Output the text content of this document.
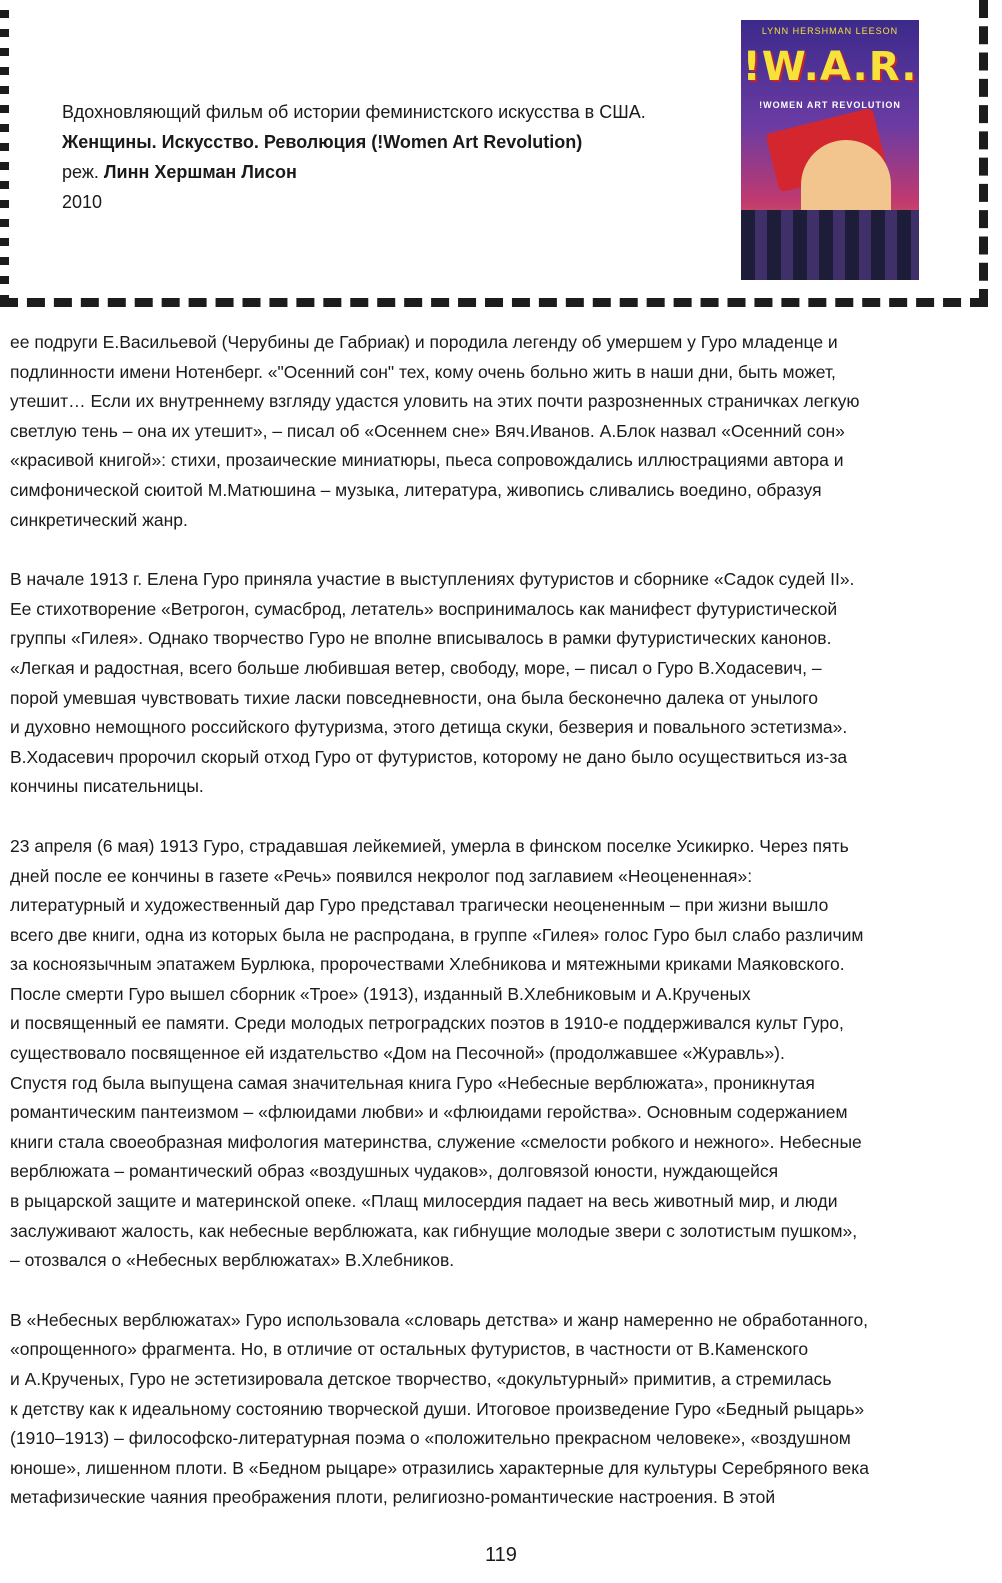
Вдохновляющий фильм об истории феминистского искусства в США.
Женщины. Искусство. Революция (!Women Art Revolution)
реж. Линн Хершман Лисон
2010
LYNN HERSHMAN LEESON
!W.A.R.
!WOMEN ART REVOLUTION
ее подруги Е.Васильевой (Черубины де Габриак) и породила легенду об умершем у Гуро младенце и
подлинности имени Нотенберг. «"Осенний сон" тех, кому очень больно жить в наши дни, быть может,
утешит… Если их внутреннему взгляду удастся уловить на этих почти разрозненных страничках легкую
светлую тень – она их утешит», – писал об «Осеннем сне» Вяч.Иванов. А.Блок назвал «Осенний сон»
«красивой книгой»: стихи, прозаические миниатюры, пьеса сопровождались иллюстрациями автора и
симфонической сюитой М.Матюшина – музыка, литература, живопись сливались воедино, образуя
синкретический жанр.
В начале 1913 г. Елена Гуро приняла участие в выступлениях футуристов и сборнике «Садок судей II».
Ее стихотворение «Ветрогон, сумасброд, летатель» воспринималось как манифест футуристической
группы «Гилея». Однако творчество Гуро не вполне вписывалось в рамки футуристических канонов.
«Легкая и радостная, всего больше любившая ветер, свободу, море, – писал о Гуро В.Ходасевич, –
порой умевшая чувствовать тихие ласки повседневности, она была бесконечно далека от унылого
и духовно немощного российского футуризма, этого детища скуки, безверия и повального эстетизма».
В.Ходасевич пророчил скорый отход Гуро от футуристов, которому не дано было осуществиться из-за
кончины писательницы.
23 апреля (6 мая) 1913 Гуро, страдавшая лейкемией, умерла в финском поселке Усикирко. Через пять
дней после ее кончины в газете «Речь» появился некролог под заглавием «Неоцененная»:
литературный и художественный дар Гуро представал трагически неоцененным – при жизни вышло
всего две книги, одна из которых была не распродана, в группе «Гилея» голос Гуро был слабо различим
за косноязычным эпатажем Бурлюка, пророчествами Хлебникова и мятежными криками Маяковского.
После смерти Гуро вышел сборник «Трое» (1913), изданный В.Хлебниковым и А.Крученых
и посвященный ее памяти. Среди молодых петроградских поэтов в 1910-е поддерживался культ Гуро,
существовало посвященное ей издательство «Дом на Песочной» (продолжавшее «Журавль»).
Спустя год была выпущена самая значительная книга Гуро «Небесные верблюжата», проникнутая
романтическим пантеизмом – «флюидами любви» и «флюидами геройства». Основным содержанием
книги стала своеобразная мифология материнства, служение «смелости робкого и нежного». Небесные
верблюжата – романтический образ «воздушных чудаков», долговязой юности, нуждающейся
в рыцарской защите и материнской опеке. «Плащ милосердия падает на весь животный мир, и люди
заслуживают жалость, как небесные верблюжата, как гибнущие молодые звери с золотистым пушком»,
– отозвался о «Небесных верблюжатах» В.Хлебников.
В «Небесных верблюжатах» Гуро использовала «словарь детства» и жанр намеренно не обработанного,
«опрощенного» фрагмента. Но, в отличие от остальных футуристов, в частности от В.Каменского
и А.Крученых, Гуро не эстетизировала детское творчество, «докультурный» примитив, а стремилась
к детству как к идеальному состоянию творческой души. Итоговое произведение Гуро «Бедный рыцарь»
(1910–1913) – философско-литературная поэма о «положительно прекрасном человеке», «воздушном
юноше», лишенном плоти. В «Бедном рыцаре» отразились характерные для культуры Серебряного века
метафизические чаяния преображения плоти, религиозно-романтические настроения. В этой
119
